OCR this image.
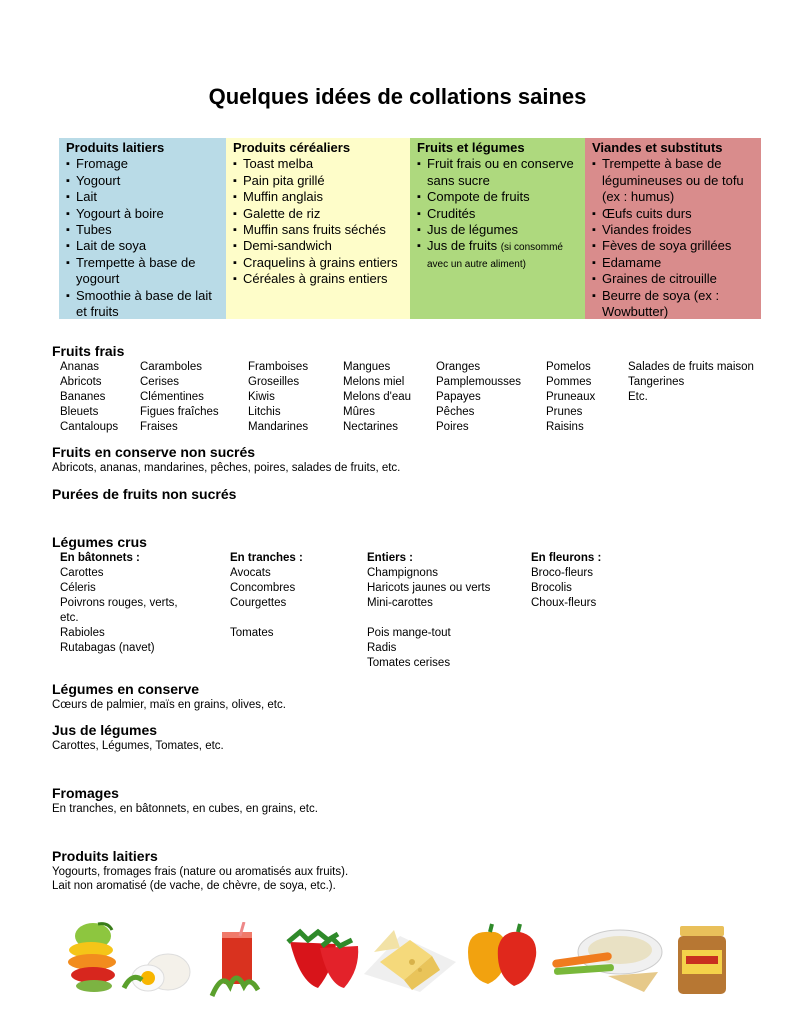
Quelques idées de collations saines
Produits laitiers
▪ Fromage
▪ Yogourt
▪ Lait
▪ Yogourt à boire
▪ Tubes
▪ Lait de soya
▪ Trempette à base de yogourt
▪ Smoothie à base de lait et fruits
Produits céréaliers
▪ Toast melba
▪ Pain pita grillé
▪ Muffin anglais
▪ Galette de riz
▪ Muffin sans fruits séchés
▪ Demi-sandwich
▪ Craquelins à grains entiers
▪ Céréales à grains entiers
Fruits et légumes
▪ Fruit frais ou en conserve sans sucre
▪ Compote de fruits
▪ Crudités
▪ Jus de légumes
▪ Jus de fruits (si consommé avec un autre aliment)
Viandes et substituts
▪ Trempette à base de légumineuses ou de tofu (ex : humus)
▪ Œufs cuits durs
▪ Viandes froides
▪ Fèves de soya grillées
▪ Edamame
▪ Graines de citrouille
▪ Beurre de soya (ex : Wowbutter)
Fruits frais
Ananas
Abricots
Bananes
Bleuets
Cantaloups
Caramboles
Cerises
Clémentines
Figues fraîches
Fraises
Framboises
Groseilles
Kiwis
Litchis
Mandarines
Mangues
Melons miel
Melons d'eau
Mûres
Nectarines
Oranges
Pamplemousses
Papayes
Pêches
Poires
Pomelos
Pommes
Pruneaux
Prunes
Raisins
Salades de fruits maison
Tangerines
Etc.
Fruits en conserve non sucrés
Abricots, ananas, mandarines, pêches, poires, salades de fruits, etc.
Purées de fruits non sucrés
Légumes crus
En bâtonnets :
Carottes
Céleris
Poivrons rouges, verts,
etc.
Rabioles
Rutabagas (navet)
En tranches :
Avocats
Concombres
Courgettes

Tomates
Entiers :
Champignons
Haricots jaunes ou verts
Mini-carottes

Pois mange-tout
Radis
Tomates cerises
En fleurons :
Broco-fleurs
Brocolis
Choux-fleurs
Légumes en conserve
Cœurs de palmier, maïs en grains, olives, etc.
Jus de légumes
Carottes, Légumes, Tomates, etc.
Fromages
En tranches, en bâtonnets, en cubes, en grains, etc.
Produits laitiers
Yogourts, fromages frais (nature ou aromatisés aux fruits).
Lait non aromatisé (de vache, de chèvre, de soya, etc.).
